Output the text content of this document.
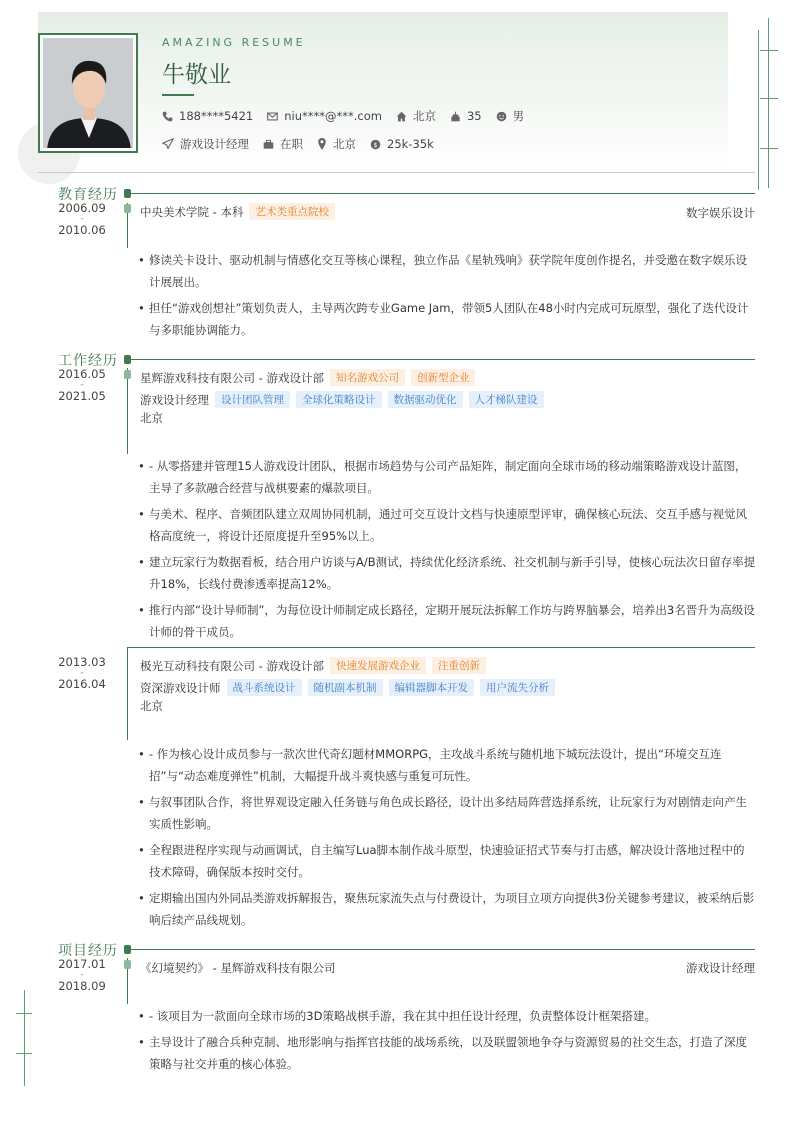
AMAZING RESUME
牛敬业
188****5421	niu****@***.com	北京	35	男
游戏设计经理	在职	北京 $ 25k-35k
教育经历
2006.09
-
2010.06
中央美术学院 - 本科	艺术类重点院校	数字娱乐设计
• 修读关卡设计、驱动机制与情感化交互等核心课程，独立作品《星轨残响》获学院年度创作提名，并受邀在数字娱乐设计展展出。
• 担任“游戏创想社”策划负责人，主导两次跨专业Game Jam，带领5人团队在48小时内完成可玩原型，强化了迭代设计与多职能协调能力。
工作经历
2016.05
-
2021.05
星辉游戏科技有限公司 - 游戏设计部	知名游戏公司	创新型企业
游戏设计经理	设计团队管理	全球化策略设计	数据驱动优化	人才梯队建设
北京
• - 从零搭建并管理15人游戏设计团队，根据市场趋势与公司产品矩阵，制定面向全球市场的移动端策略游戏设计蓝图，主导了多款融合经营与战棋要素的爆款项目。
• 与美术、程序、音频团队建立双周协同机制，通过可交互设计文档与快速原型评审，确保核心玩法、交互手感与视觉风格高度统一，将设计还原度提升至95%以上。
• 建立玩家行为数据看板，结合用户访谈与A/B测试，持续优化经济系统、社交机制与新手引导，使核心玩法次日留存率提升18%，长线付费渗透率提高12%。
• 推行内部“设计导师制”，为每位设计师制定成长路径，定期开展玩法拆解工作坊与跨界脑暴会，培养出3名晋升为高级设计师的骨干成员。
2013.03
-
2016.04
极光互动科技有限公司 - 游戏设计部	快速发展游戏企业	注重创新
资深游戏设计师	战斗系统设计	随机副本机制	编辑器脚本开发	用户流失分析
北京
• - 作为核心设计成员参与一款次世代奇幻题材MMORPG，主攻战斗系统与随机地下城玩法设计，提出“环境交互连招”与“动态难度弹性”机制，大幅提升战斗爽快感与重复可玩性。
• 与叙事团队合作，将世界观设定融入任务链与角色成长路径，设计出多结局阵营选择系统，让玩家行为对剧情走向产生实质性影响。
• 全程跟进程序实现与动画调试，自主编写Lua脚本制作战斗原型，快速验证招式节奏与打击感，解决设计落地过程中的技术障碍，确保版本按时交付。
• 定期输出国内外同品类游戏拆解报告，聚焦玩家流失点与付费设计，为项目立项方向提供3份关键参考建议，被采纳后影响后续产品线规划。
项目经历
2017.01
-
2018.09
《幻境契约》 - 星辉游戏科技有限公司	游戏设计经理
• - 该项目为一款面向全球市场的3D策略战棋手游，我在其中担任设计经理，负责整体设计框架搭建。
• 主导设计了融合兵种克制、地形影响与指挥官技能的战场系统，以及联盟领地争夺与资源贸易的社交生态，打造了深度策略与社交并重的核心体验。
